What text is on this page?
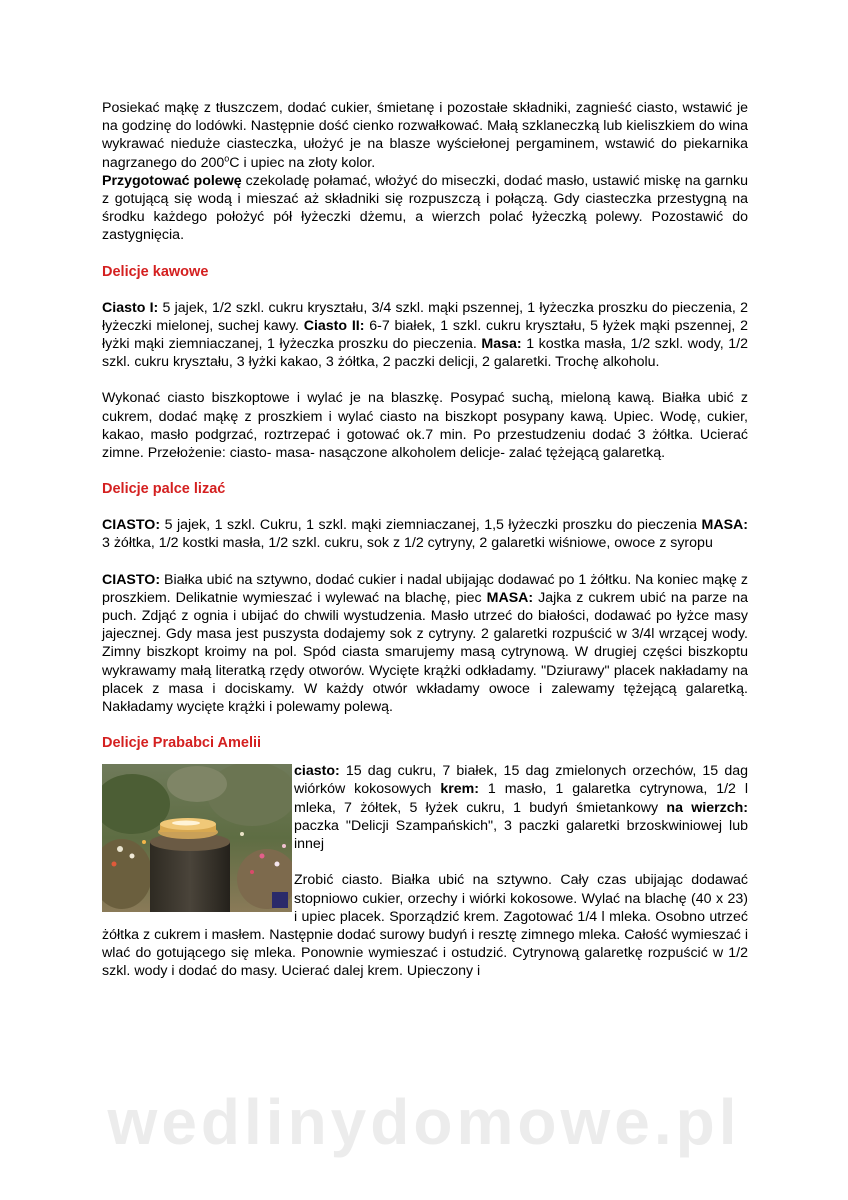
Posiekać mąkę z tłuszczem, dodać cukier, śmietanę i pozostałe składniki, zagnieść ciasto, wstawić je na godzinę do lodówki. Następnie dość cienko rozwałkować. Małą szklaneczką lub kieliszkiem do wina wykrawać nieduże ciasteczka, ułożyć je na blasze wyściełonej pergaminem, wstawić do piekarnika nagrzanego do 200$^o$C i upiec na złoty kolor.
Przygotować polewę czekoladę połamać, włożyć do miseczki, dodać masło, ustawić miskę na garnku z gotującą się wodą i mieszać aż składniki się rozpuszczą i połączą. Gdy ciasteczka przestygną na środku każdego położyć pół łyżeczki dżemu, a wierzch polać łyżeczką polewy. Pozostawić do zastygnięcia.

Delicje kawowe

Ciasto I: 5 jajek, 1/2 szkl. cukru kryształu, 3/4 szkl. mąki pszennej, 1 łyżeczka proszku do pieczenia, 2 łyżeczki mielonej, suchej kawy. Ciasto II: 6-7 białek, 1 szkl. cukru kryształu, 5 łyżek mąki pszennej, 2 łyżki mąki ziemniaczanej, 1 łyżeczka proszku do pieczenia. Masa: 1 kostka masła, 1/2 szkl. wody, 1/2 szkl. cukru kryształu, 3 łyżki kakao, 3 żółtka, 2 paczki delicji, 2 galaretki. Trochę alkoholu.

Wykonać ciasto biszkoptowe i wylać je na blaszkę. Posypać suchą, mieloną kawą. Białka ubić z cukrem, dodać mąkę z proszkiem i wylać ciasto na biszkopt posypany kawą. Upiec. Wodę, cukier, kakao, masło podgrzać, roztrzepać i gotować ok.7 min. Po przestudzeniu dodać 3 żółtka. Ucierać zimne. Przełożenie: ciasto- masa- nasączone alkoholem delicje- zalać tężejącą galaretką.

Delicje palce lizać

CIASTO: 5 jajek, 1 szkl. Cukru, 1 szkl. mąki ziemniaczanej, 1,5 łyżeczki proszku do pieczenia MASA: 3 żółtka, 1/2 kostki masła, 1/2 szkl. cukru, sok z 1/2 cytryny, 2 galaretki wiśniowe, owoce z syropu

CIASTO: Białka ubić na sztywno, dodać cukier i nadal ubijając dodawać po 1 żółtku. Na koniec mąkę z proszkiem. Delikatnie wymieszać i wylewać na blachę, piec MASA: Jajka z cukrem ubić na parze na puch. Zdjąć z ognia i ubijać do chwili wystudzenia. Masło utrzeć do białości, dodawać po łyżce masy jajecznej. Gdy masa jest puszysta dodajemy sok z cytryny. 2 galaretki rozpuścić w 3/4l wrzącej wody. Zimny biszkopt kroimy na pol. Spód ciasta smarujemy masą cytrynową. W drugiej części biszkoptu wykrawamy małą literatką rzędy otworów. Wycięte krążki odkładamy. "Dziurawy" placek nakładamy na placek z masa i dociskamy. W każdy otwór wkładamy owoce i zalewamy tężejącą galaretką. Nakładamy wycięte krążki i polewamy polewą.

Delicje Prababci Amelii

ciasto: 15 dag cukru, 7 białek, 15 dag zmielonych orzechów, 15 dag wiórków kokosowych krem: 1 masło, 1 galaretka cytrynowa, 1/2 l mleka, 7 żółtek, 5 łyżek cukru, 1 budyń śmietankowy na wierzch: paczka "Delicji Szampańskich", 3 paczki galaretki brzoskwiniowej lub innej

Zrobić ciasto. Białka ubić na sztywno. Cały czas ubijając dodawać stopniowo cukier, orzechy i wiórki kokosowe. Wylać na blachę (40 x 23) i upiec placek. Sporządzić krem. Zagotować 1/4 l mleka. Osobno utrzeć żółtka z cukrem i masłem. Następnie dodać surowy budyń i resztę zimnego mleka. Całość wymieszać i wlać do gotującego się mleka. Ponownie wymieszać i ostudzić. Cytrynową galaretkę rozpuścić w 1/2 szkl. wody i dodać do masy. Ucierać dalej krem. Upieczony i

wedlinydomowe.pl
